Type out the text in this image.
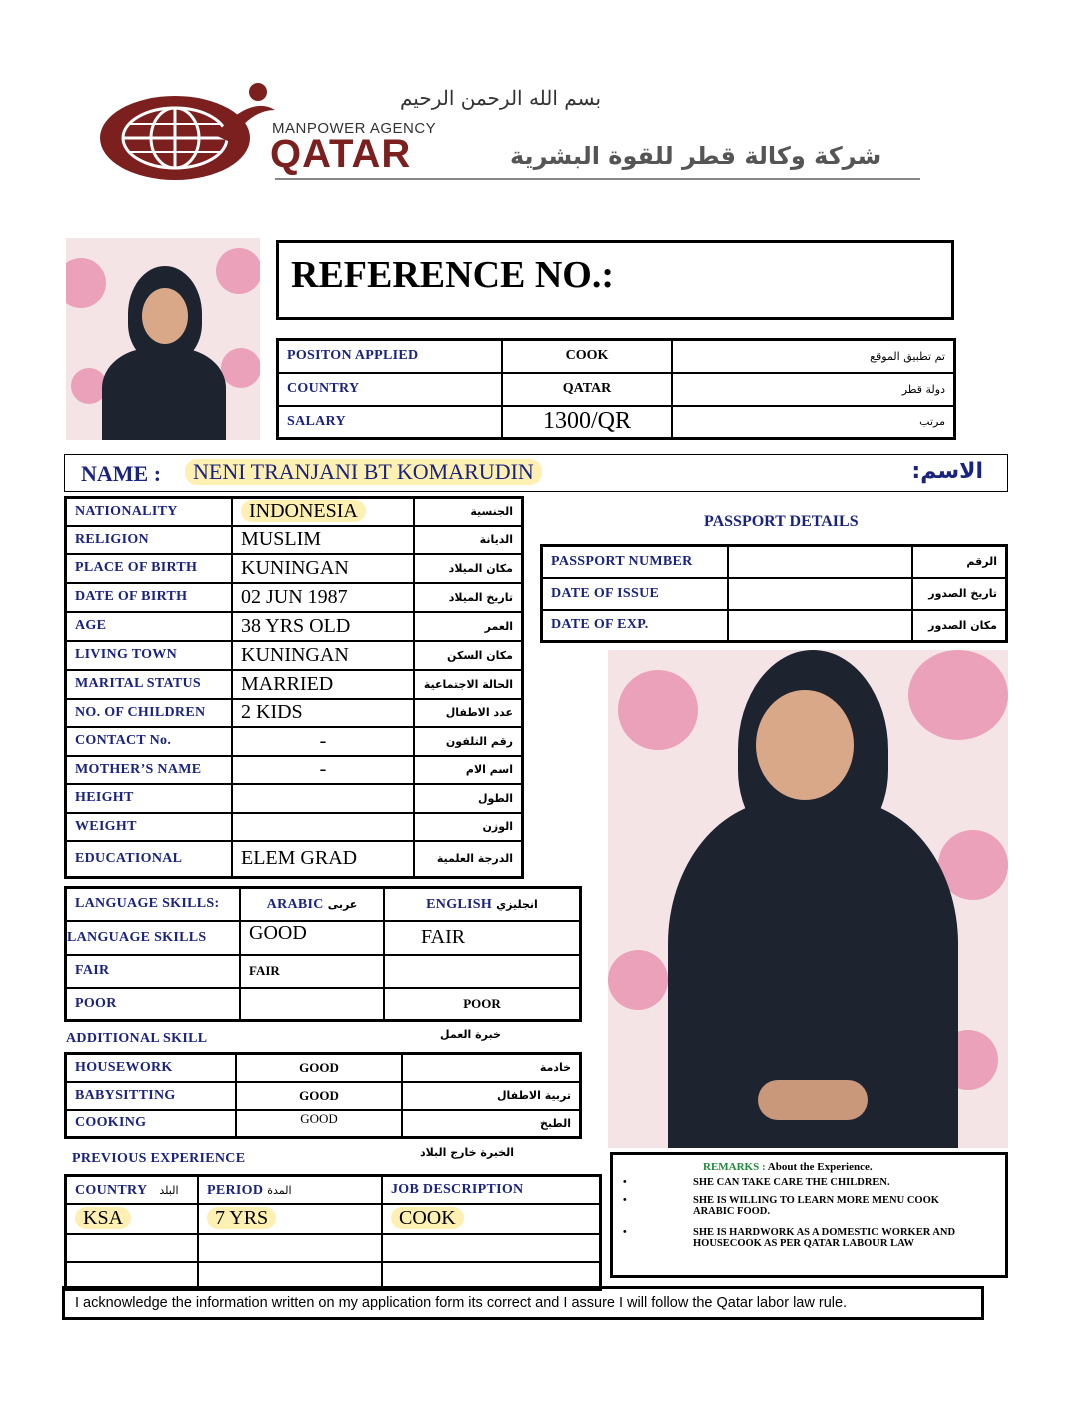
بسم الله الرحمن الرحيم
MANPOWER AGENCY
QATAR	شركة وكالة قطر للقوة البشرية
REFERENCE NO.:
POSITON APPLIED	COOK	تم تطبيق الموقع
COUNTRY	QATAR	دولة قطر
SALARY	1300/QR	مرتب
NAME :	NENI TRANJANI BT KOMARUDIN	الاسم:
NATIONALITY	INDONESIA	الجنسية
RELIGION	MUSLIM	الديانة
PLACE OF BIRTH	KUNINGAN	مكان الميلاد
DATE OF BIRTH	02 JUN 1987	تاريخ الميلاد
AGE	38 YRS OLD	العمر
LIVING TOWN	KUNINGAN	مكان السكن
MARITAL STATUS	MARRIED	الحالة الاجتماعية
NO. OF CHILDREN	2 KIDS	عدد الاطفال
CONTACT No.	-	رقم التلفون
MOTHER’S NAME	-	اسم الام
HEIGHT		الطول
WEIGHT		الوزن
EDUCATIONAL	ELEM GRAD	الدرجة العلمية
PASSPORT DETAILS
PASSPORT NUMBER		الرقم
DATE OF ISSUE		تاريخ الصدور
DATE OF EXP.		مكان الصدور
LANGUAGE SKILLS:	ARABIC عربى	ENGLISH انجليزي
LANGUAGE SKILLS	GOOD	FAIR
FAIR	FAIR	
POOR		POOR
ADDITIONAL SKILL	خبرة العمل
HOUSEWORK	GOOD	خادمة
BABYSITTING	GOOD	تربية الاطفال
COOKING	GOOD	الطبخ
PREVIOUS EXPERIENCE	الخبرة خارج البلاد
COUNTRY البلد	PERIOD المدة	JOB DESCRIPTION
KSA	7 YRS	COOK

REMARKS : About the Experience.
•	SHE CAN TAKE CARE THE CHILDREN.
•	SHE IS WILLING TO LEARN MORE MENU COOK ARABIC FOOD.
•	SHE IS HARDWORK AS A DOMESTIC WORKER AND HOUSECOOK AS PER QATAR LABOUR LAW
I acknowledge the information written on my application form its correct and I assure I will follow the Qatar labor law rule.
